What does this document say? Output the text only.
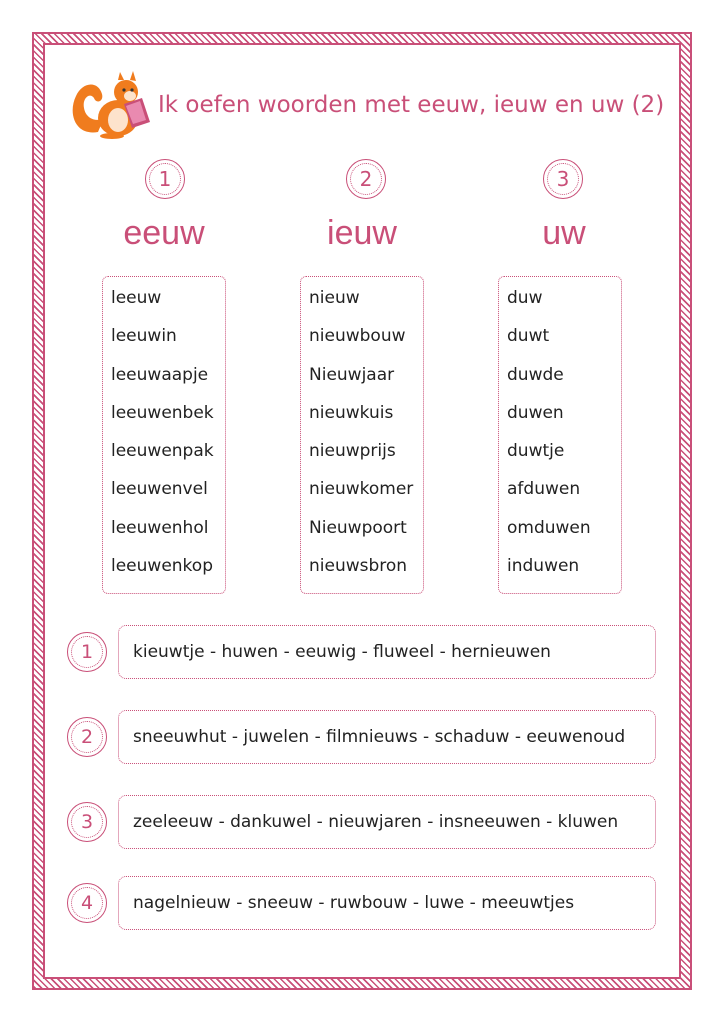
Ik oefen woorden met eeuw, ieuw en uw (2)
1
eeuw
leeuw
leeuwin
leeuwaapje
leeuwenbek
leeuwenpak
leeuwenvel
leeuwenhol
leeuwenkop
2
ieuw
nieuw
nieuwbouw
Nieuwjaar
nieuwkuis
nieuwprijs
nieuwkomer
Nieuwpoort
nieuwsbron
3
uw
duw
duwt
duwde
duwen
duwtje
afduwen
omduwen
induwen
1 kieuwtje - huwen - eeuwig - fluweel - hernieuwen
2 sneeuwhut - juwelen - filmnieuws - schaduw - eeuwenoud
3 zeeleeuw - dankuwel - nieuwjaren - insneeuwen - kluwen
4 nagelnieuw - sneeuw - ruwbouw - luwe - meeuwtjes
